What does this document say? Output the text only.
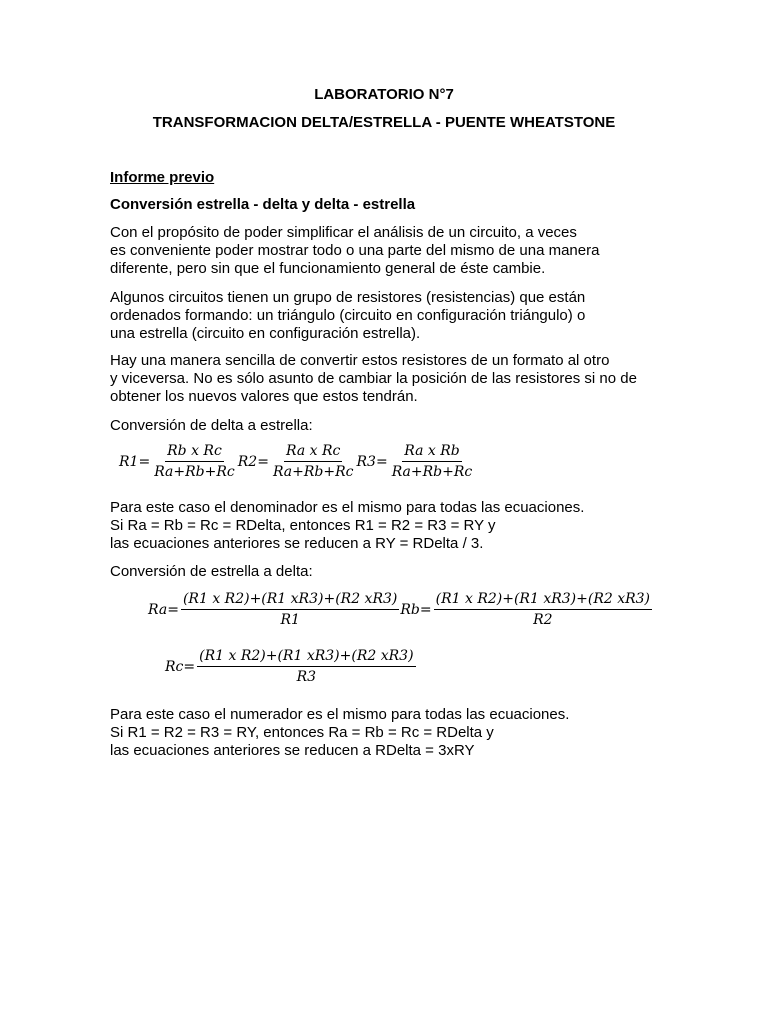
LABORATORIO N°7
TRANSFORMACION DELTA/ESTRELLA - PUENTE WHEATSTONE
Informe previo
Conversión estrella - delta y delta - estrella
Con el propósito de poder simplificar el análisis de un circuito, a veces
es conveniente poder mostrar todo o una parte del mismo de una manera
diferente, pero sin que el funcionamiento general de éste cambie.
Algunos circuitos tienen un grupo de resistores (resistencias) que están
ordenados formando: un triángulo (circuito en configuración triángulo) o
una estrella (circuito en configuración estrella).
Hay una manera sencilla de convertir estos resistores de un formato al otro
y viceversa. No es sólo asunto de cambiar la posición de las resistores si no de
obtener los nuevos valores que estos tendrán.
Conversión de delta a estrella:
$R1= \frac{\text{Rb x Rc}}{Ra+Rb+Rc} R2= \frac{\text{Ra x Rc}}{Ra+Rb+Rc} R3= \frac{\text{Ra x Rb}}{Ra+Rb+Rc}$
Para este caso el denominador es el mismo para todas las ecuaciones.
Si Ra = Rb = Rc = RDelta, entonces R1 = R2 = R3 = RY y
las ecuaciones anteriores se reducen a RY = RDelta / 3.
Conversión de estrella a delta:
$Ra= \frac{\text{(R1 x R2)+(R1 xR3)+(R2 xR3)}}{R1} Rb= \frac{\text{(R1 x R2)+(R1 xR3)+(R2 xR3)}}{R2}$
$Rc= \frac{\text{(R1 x R2)+(R1 xR3)+(R2 xR3)}}{R3}$
Para este caso el numerador es el mismo para todas las ecuaciones.
Si R1 = R2 = R3 = RY, entonces Ra = Rb = Rc = RDelta y
las ecuaciones anteriores se reducen a RDelta = 3xRY
